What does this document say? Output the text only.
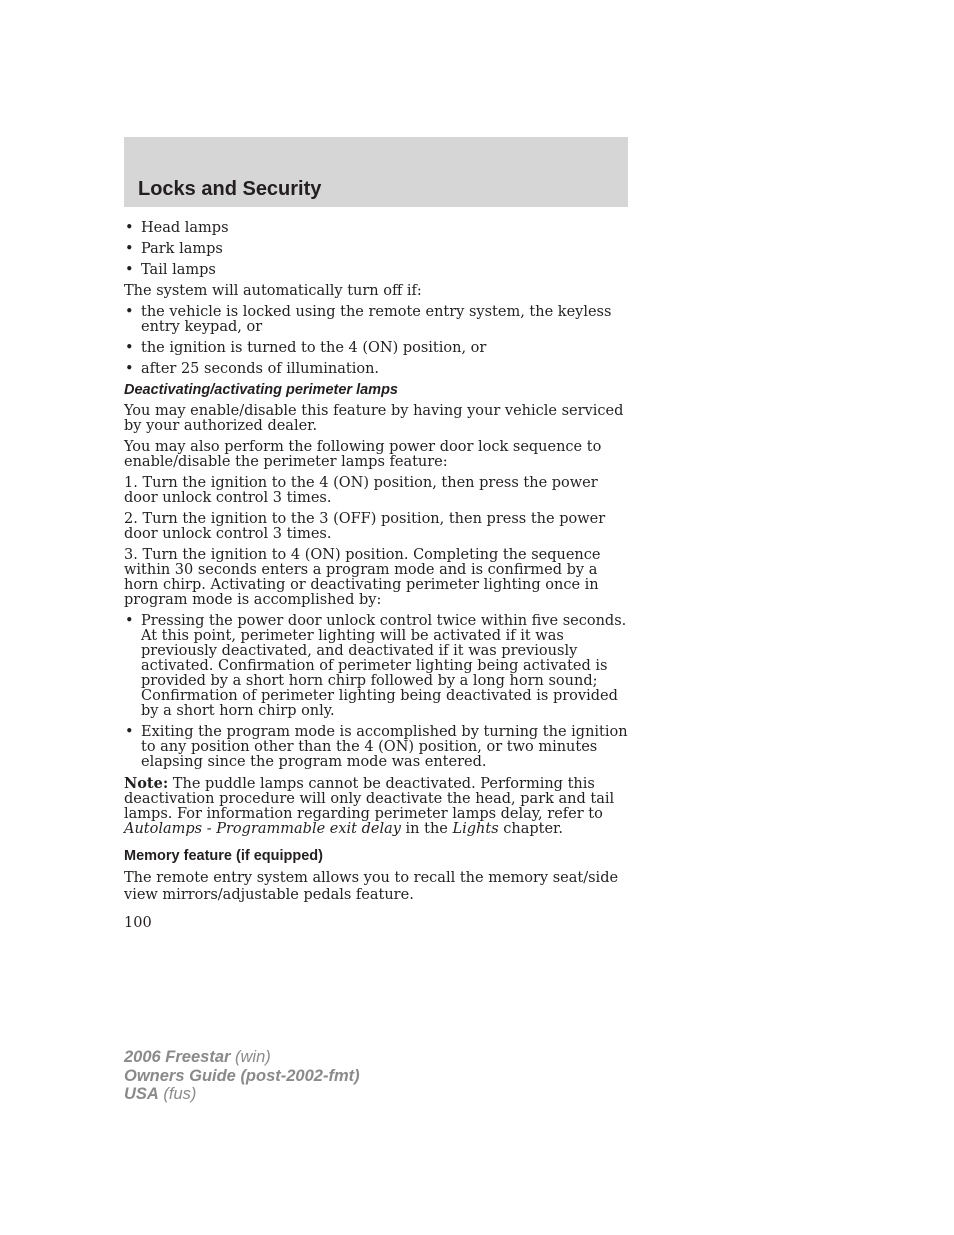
Locks and Security
• Head lamps
• Park lamps
• Tail lamps

The system will automatically turn off if:

• the vehicle is locked using the remote entry system, the keyless entry keypad, or
• the ignition is turned to the 4 (ON) position, or
• after 25 seconds of illumination.
Deactivating/activating perimeter lamps

You may enable/disable this feature by having your vehicle serviced by your authorized dealer.

You may also perform the following power door lock sequence to enable/disable the perimeter lamps feature:

1. Turn the ignition to the 4 (ON) position, then press the power door unlock control 3 times.

2. Turn the ignition to the 3 (OFF) position, then press the power door unlock control 3 times.

3. Turn the ignition to 4 (ON) position. Completing the sequence within 30 seconds enters a program mode and is confirmed by a horn chirp. Activating or deactivating perimeter lighting once in program mode is accomplished by:

• Pressing the power door unlock control twice within five seconds. At this point, perimeter lighting will be activated if it was previously deactivated, and deactivated if it was previously activated. Confirmation of perimeter lighting being activated is provided by a short horn chirp followed by a long horn sound; Confirmation of perimeter lighting being deactivated is provided by a short horn chirp only.
• Exiting the program mode is accomplished by turning the ignition to any position other than the 4 (ON) position, or two minutes elapsing since the program mode was entered.

Note: The puddle lamps cannot be deactivated. Performing this deactivation procedure will only deactivate the head, park and tail lamps. For information regarding perimeter lamps delay, refer to Autolamps - Programmable exit delay in the Lights chapter.

Memory feature (if equipped)

The remote entry system allows you to recall the memory seat/side view mirrors/adjustable pedals feature.

100
2006 Freestar (win)
Owners Guide (post-2002-fmt)
USA (fus)
